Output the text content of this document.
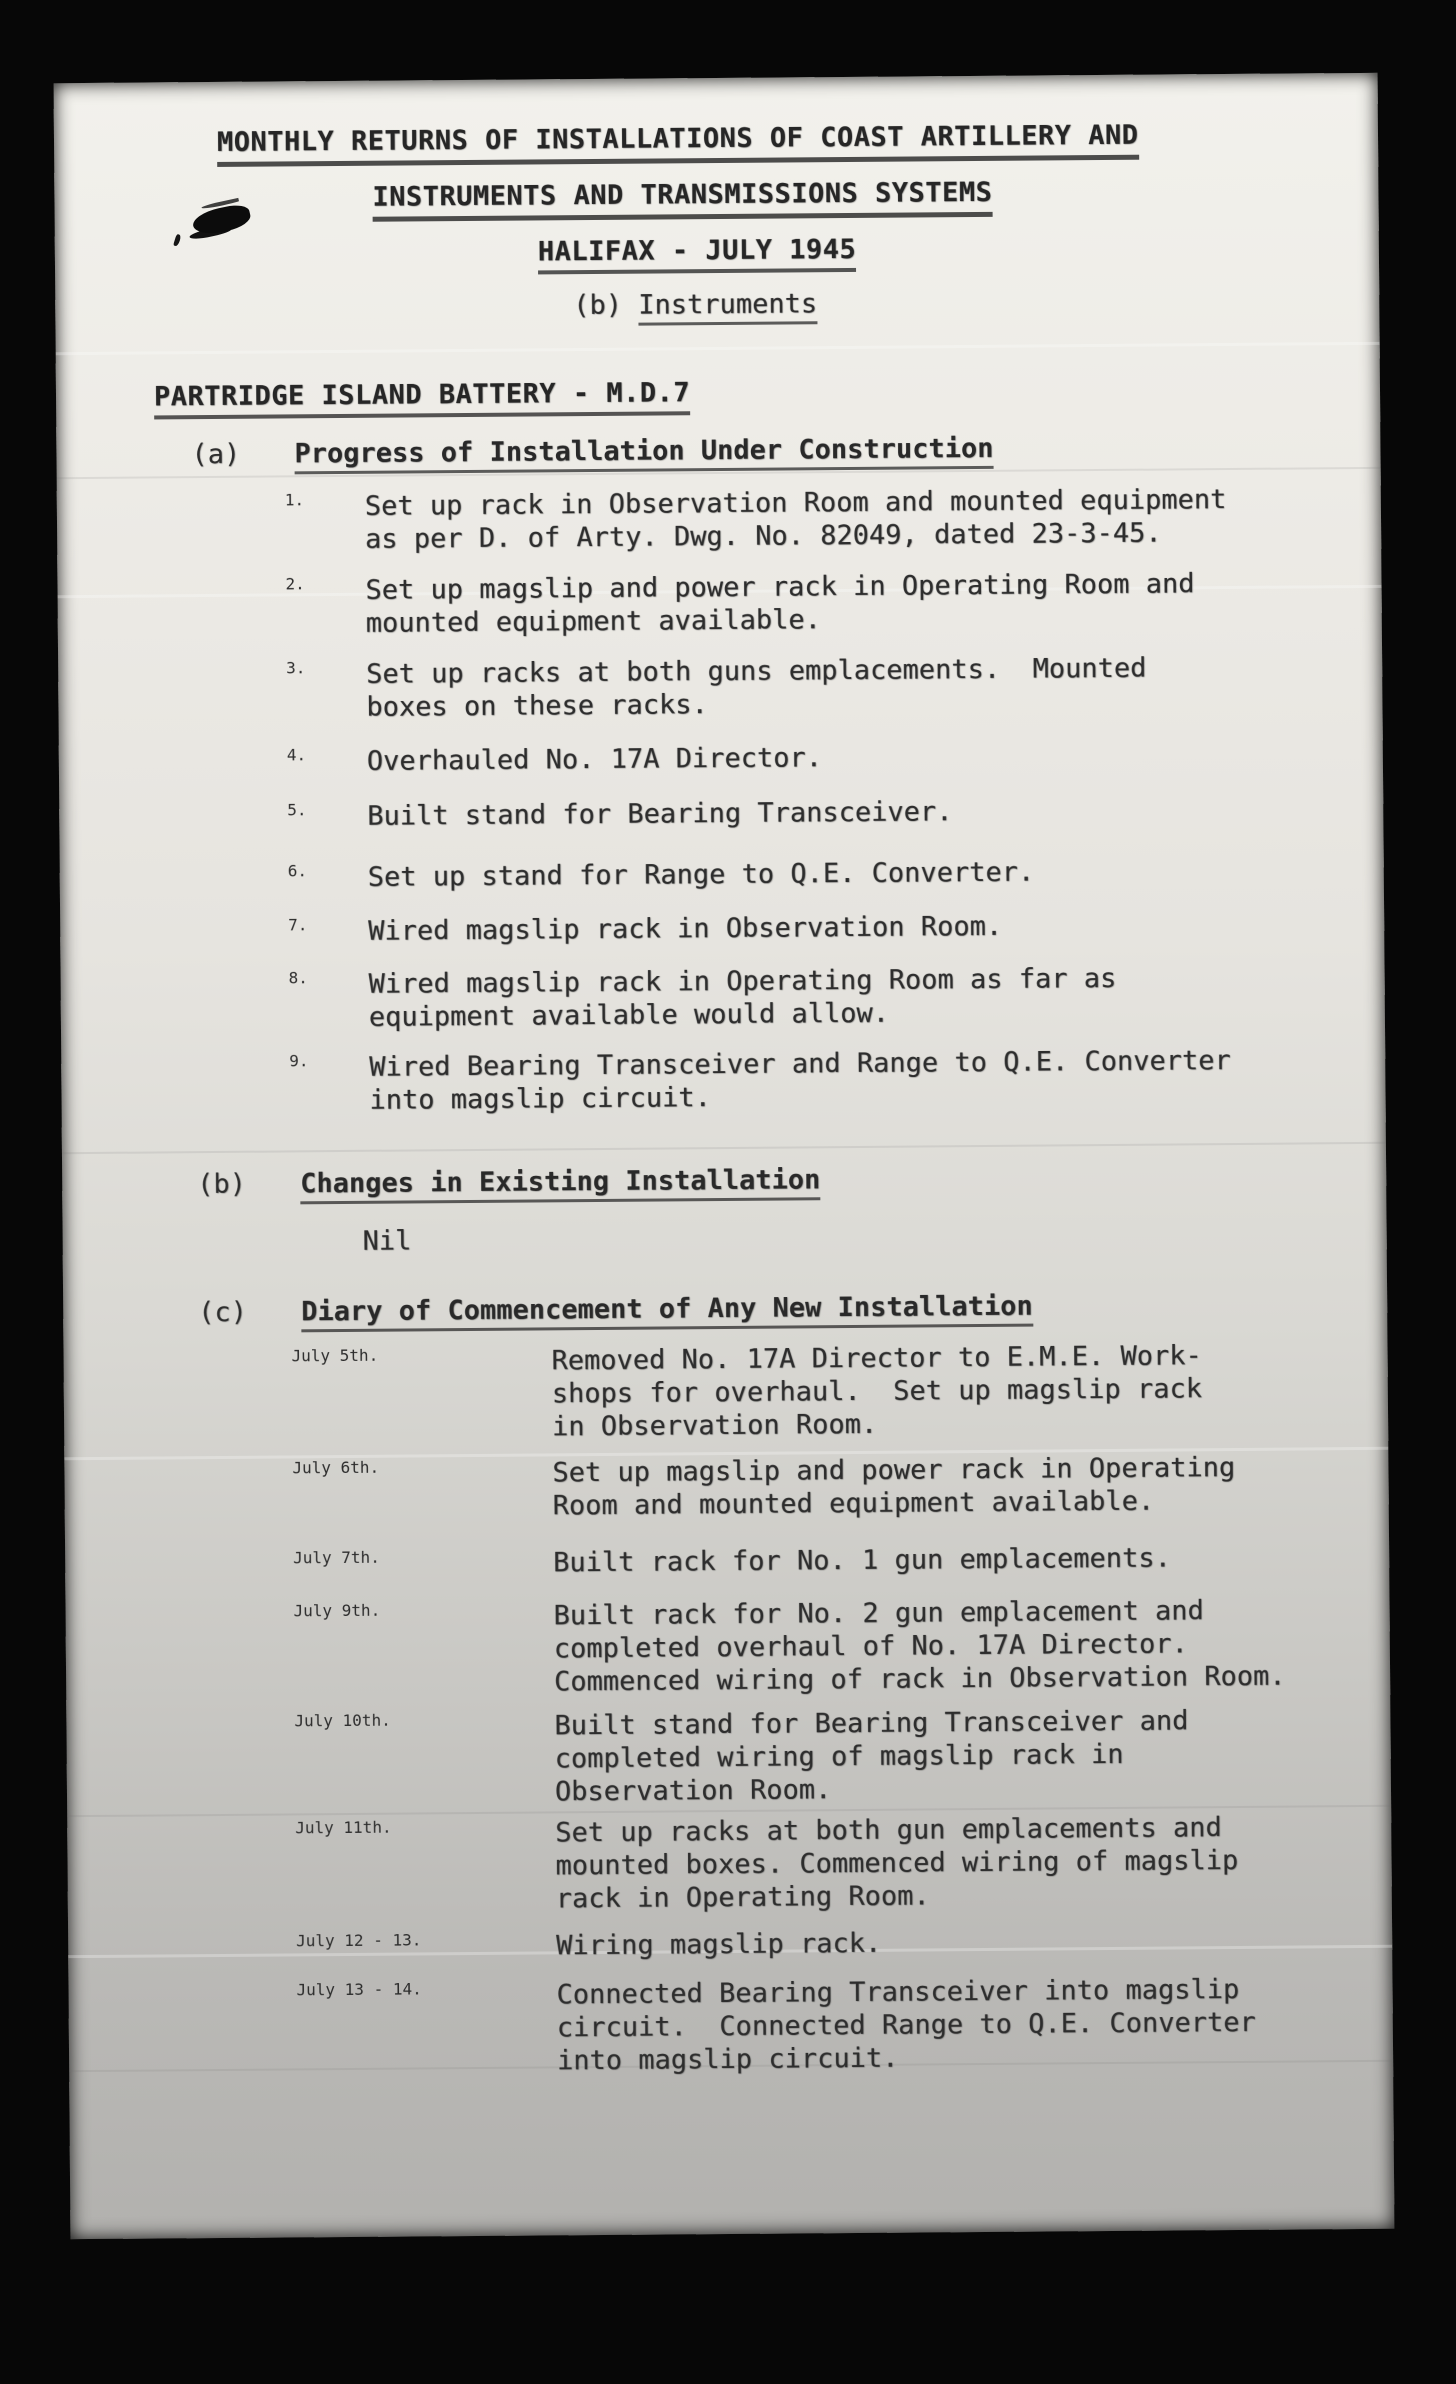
MONTHLY RETURNS OF INSTALLATIONS OF COAST ARTILLERY AND
INSTRUMENTS AND TRANSMISSIONS SYSTEMS
HALIFAX - JULY 1945
(b) Instruments
PARTRIDGE ISLAND BATTERY - M.D.7
(a) Progress of Installation Under Construction
1. Set up rack in Observation Room and mounted equipment
as per D. of Arty. Dwg. No. 82049, dated 23-3-45.
2. Set up magslip and power rack in Operating Room and
mounted equipment available.
3. Set up racks at both guns emplacements.  Mounted
boxes on these racks.
4. Overhauled No. 17A Director.
5. Built stand for Bearing Transceiver.
6. Set up stand for Range to Q.E. Converter.
7. Wired magslip rack in Observation Room.
8. Wired magslip rack in Operating Room as far as
equipment available would allow.
9. Wired Bearing Transceiver and Range to Q.E. Converter
into magslip circuit.
(b) Changes in Existing Installation
Nil
(c) Diary of Commencement of Any New Installation
July 5th.	Removed No. 17A Director to E.M.E. Work-
shops for overhaul.  Set up magslip rack
in Observation Room.
July 6th.	Set up magslip and power rack in Operating
Room and mounted equipment available.
July 7th.	Built rack for No. 1 gun emplacements.
July 9th.	Built rack for No. 2 gun emplacement and
completed overhaul of No. 17A Director.
Commenced wiring of rack in Observation Room.
July 10th.	Built stand for Bearing Transceiver and
completed wiring of magslip rack in
Observation Room.
July 11th.	Set up racks at both gun emplacements and
mounted boxes. Commenced wiring of magslip
rack in Operating Room.
July 12 - 13.	Wiring magslip rack.
July 13 - 14.	Connected Bearing Transceiver into magslip
circuit.  Connected Range to Q.E. Converter
into magslip circuit.
